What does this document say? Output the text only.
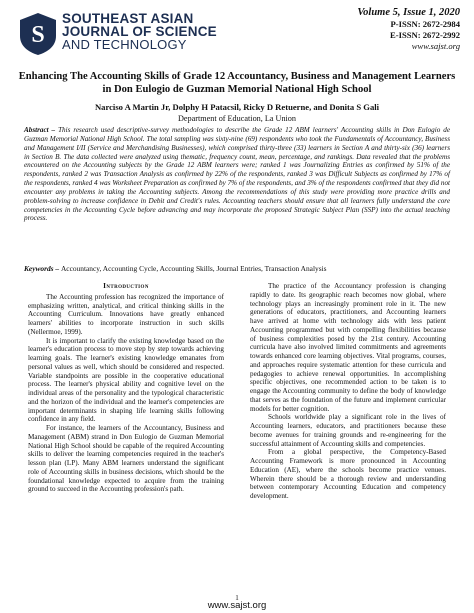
S
SOUTHEAST ASIAN
JOURNAL OF SCIENCE
AND TECHNOLOGY
Volume 5, Issue 1, 2020
P-ISSN: 2672-2984
E-ISSN: 2672-2992
www.sajst.org
Enhancing The Accounting Skills of Grade 12 Accountancy, Business and Management Learners in Don Eulogio de Guzman Memorial National High School
Narciso A Martin Jr, Dolphy H Patacsil, Ricky D Retuerne, and Donita S Gali
Department of Education, La Union
Abstract – This research used descriptive-survey methodologies to describe the Grade 12 ABM learners' Accounting skills in Don Eulogio de Guzman Memorial National High School. The total sampling was sixty-nine (69) respondents who took the Fundamentals of Accountancy, Business and Management I/II (Service and Merchandising Businesses), which comprised thirty-three (33) learners in Section A and thirty-six (36) learners in Section B. The data collected were analyzed using thematic, frequency count, mean, percentage, and rankings. Data revealed that the problems encountered on the Accounting subjects by the Grade 12 ABM learners were; ranked 1 was Journalizing Entries as confirmed by 51% of the respondents, ranked 2 was Transaction Analysis as confirmed by 22% of the respondents, ranked 3 was Difficult Subjects as confirmed by 17% of the respondents, ranked 4 was Worksheet Preparation as confirmed by 7% of the respondents, and 3% of the respondents confirmed that they did not encounter any problems in taking the Accounting subjects. Among the recommendations of this study were providing more practice drills and problem-solving to increase confidence in Debit and Credit's rules. Accounting teachers should ensure that all learners fully understand the core competencies in the Accounting Cycle before advancing and may incorporate the proposed Strategic Subject Plan (SSP) into the actual teaching process.
Keywords – Accountancy, Accounting Cycle, Accounting Skills, Journal Entries, Transaction Analysis
Introduction

The Accounting profession has recognized the importance of emphasizing written, analytical, and critical thinking skills in the Accounting Curriculum. Innovations have greatly enhanced learners' abilities to incorporate instruction in such skills (Nellermoe, 1999).

It is important to clarify the existing knowledge based on the learner's education process to move step by step towards achieving learning goals. The learner's existing knowledge emanates from personal values as well, which should be considered and respected. Variable standpoints are possible in the cooperative educational process. The learner's physical ability and cognitive level on the individual areas of the personality and the typological characteristic and the horizon of the individual and the learner's competencies are important determinants in shaping life learning skills following confidence in any field.

For instance, the learners of the Accountancy, Business and Management (ABM) strand in Don Eulogio de Guzman Memorial National High School should be capable of the required Accounting skills to deliver the learning competencies required in the teacher's lesson plan (LP). Many ABM learners understand the significant role of Accounting skills in business decisions, which should be the foundational knowledge expected to acquire from the training ground to succeed in the Accounting profession's path.

The practice of the Accountancy profession is changing rapidly to date. Its geographic reach becomes now global, where technology plays an increasingly prominent role in it. The new generations of educators, practitioners, and Accounting learners have arrived at home with technology aids with less patient Accounting programmed but with compelling flexibilities because of business complexities posed by the 21st century. Accounting curricula have also involved limited commitments and agreements towards enhanced core learning objectives. Vital programs, courses, and approaches require systematic attention for these curricula and pedagogies to achieve renewal opportunities. In accomplishing specific objectives, one recommended action to be taken is to engage the Accounting community to define the body of knowledge that serves as the foundation of the future and implement curricular models for better cognition.

Schools worldwide play a significant role in the lives of Accounting learners, educators, and practitioners because these become avenues for training grounds and re-engineering for the successful attainment of Accounting skills and competencies.

From a global perspective, the Competency-Based Accounting Framework is more pronounced in Accounting Education (AE), where the schools become practice venues. Wherein there should be a thorough review and understanding between contemporary Accounting Education and competency development.

1
www.sajst.org
